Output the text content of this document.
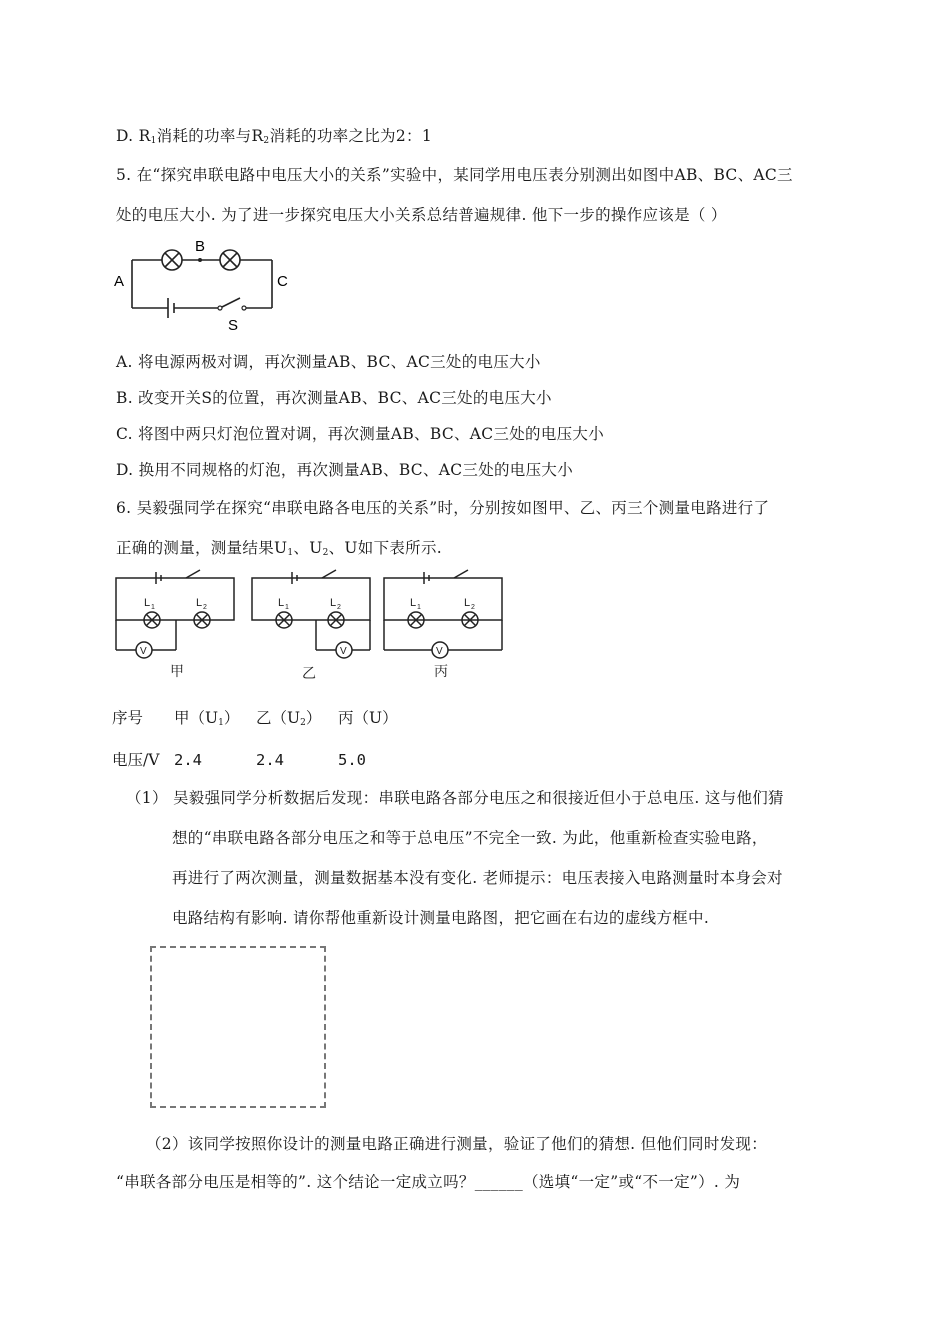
D. $R_1$消耗的功率与$R_2$消耗的功率之比为2：1
5. 在“探究串联电路中电压大小的关系”实验中，某同学用电压表分别测出如图中AB、BC、AC三
处的电压大小. 为了进一步探究电压大小关系总结普遍规律. 他下一步的操作应该是（ ）
A
B
C
S
A. 将电源两极对调，再次测量AB、BC、AC三处的电压大小
B. 改变开关S的位置，再次测量AB、BC、AC三处的电压大小
C. 将图中两只灯泡位置对调，再次测量AB、BC、AC三处的电压大小
D. 换用不同规格的灯泡，再次测量AB、BC、AC三处的电压大小
6. 吴毅强同学在探究“串联电路各电压的关系”时，分别按如图甲、乙、丙三个测量电路进行了
正确的测量，测量结果$U_1$、$U_2$、U如下表所示.
L 1	L 2
V
甲
L 1	L 2
V
乙
L 1	L 2
V
丙
序号 甲$(U_1)$ 乙$(U_2)$ 丙（U）
电压/V 2.4	2.4	5.0
（1） 吴毅强同学分析数据后发现：串联电路各部分电压之和很接近但小于总电压. 这与他们猜
想的“串联电路各部分电压之和等于总电压”不完全一致. 为此，他重新检查实验电路，
再进行了两次测量，测量数据基本没有变化. 老师提示：电压表接入电路测量时本身会对
电路结构有影响. 请你帮他重新设计测量电路图，把它画在右边的虚线方框中.
（2）该同学按照你设计的测量电路正确进行测量，验证了他们的猜想. 但他们同时发现：
“串联各部分电压是相等的”. 这个结论一定成立吗？______（选填“一定”或“不一定”）. 为
